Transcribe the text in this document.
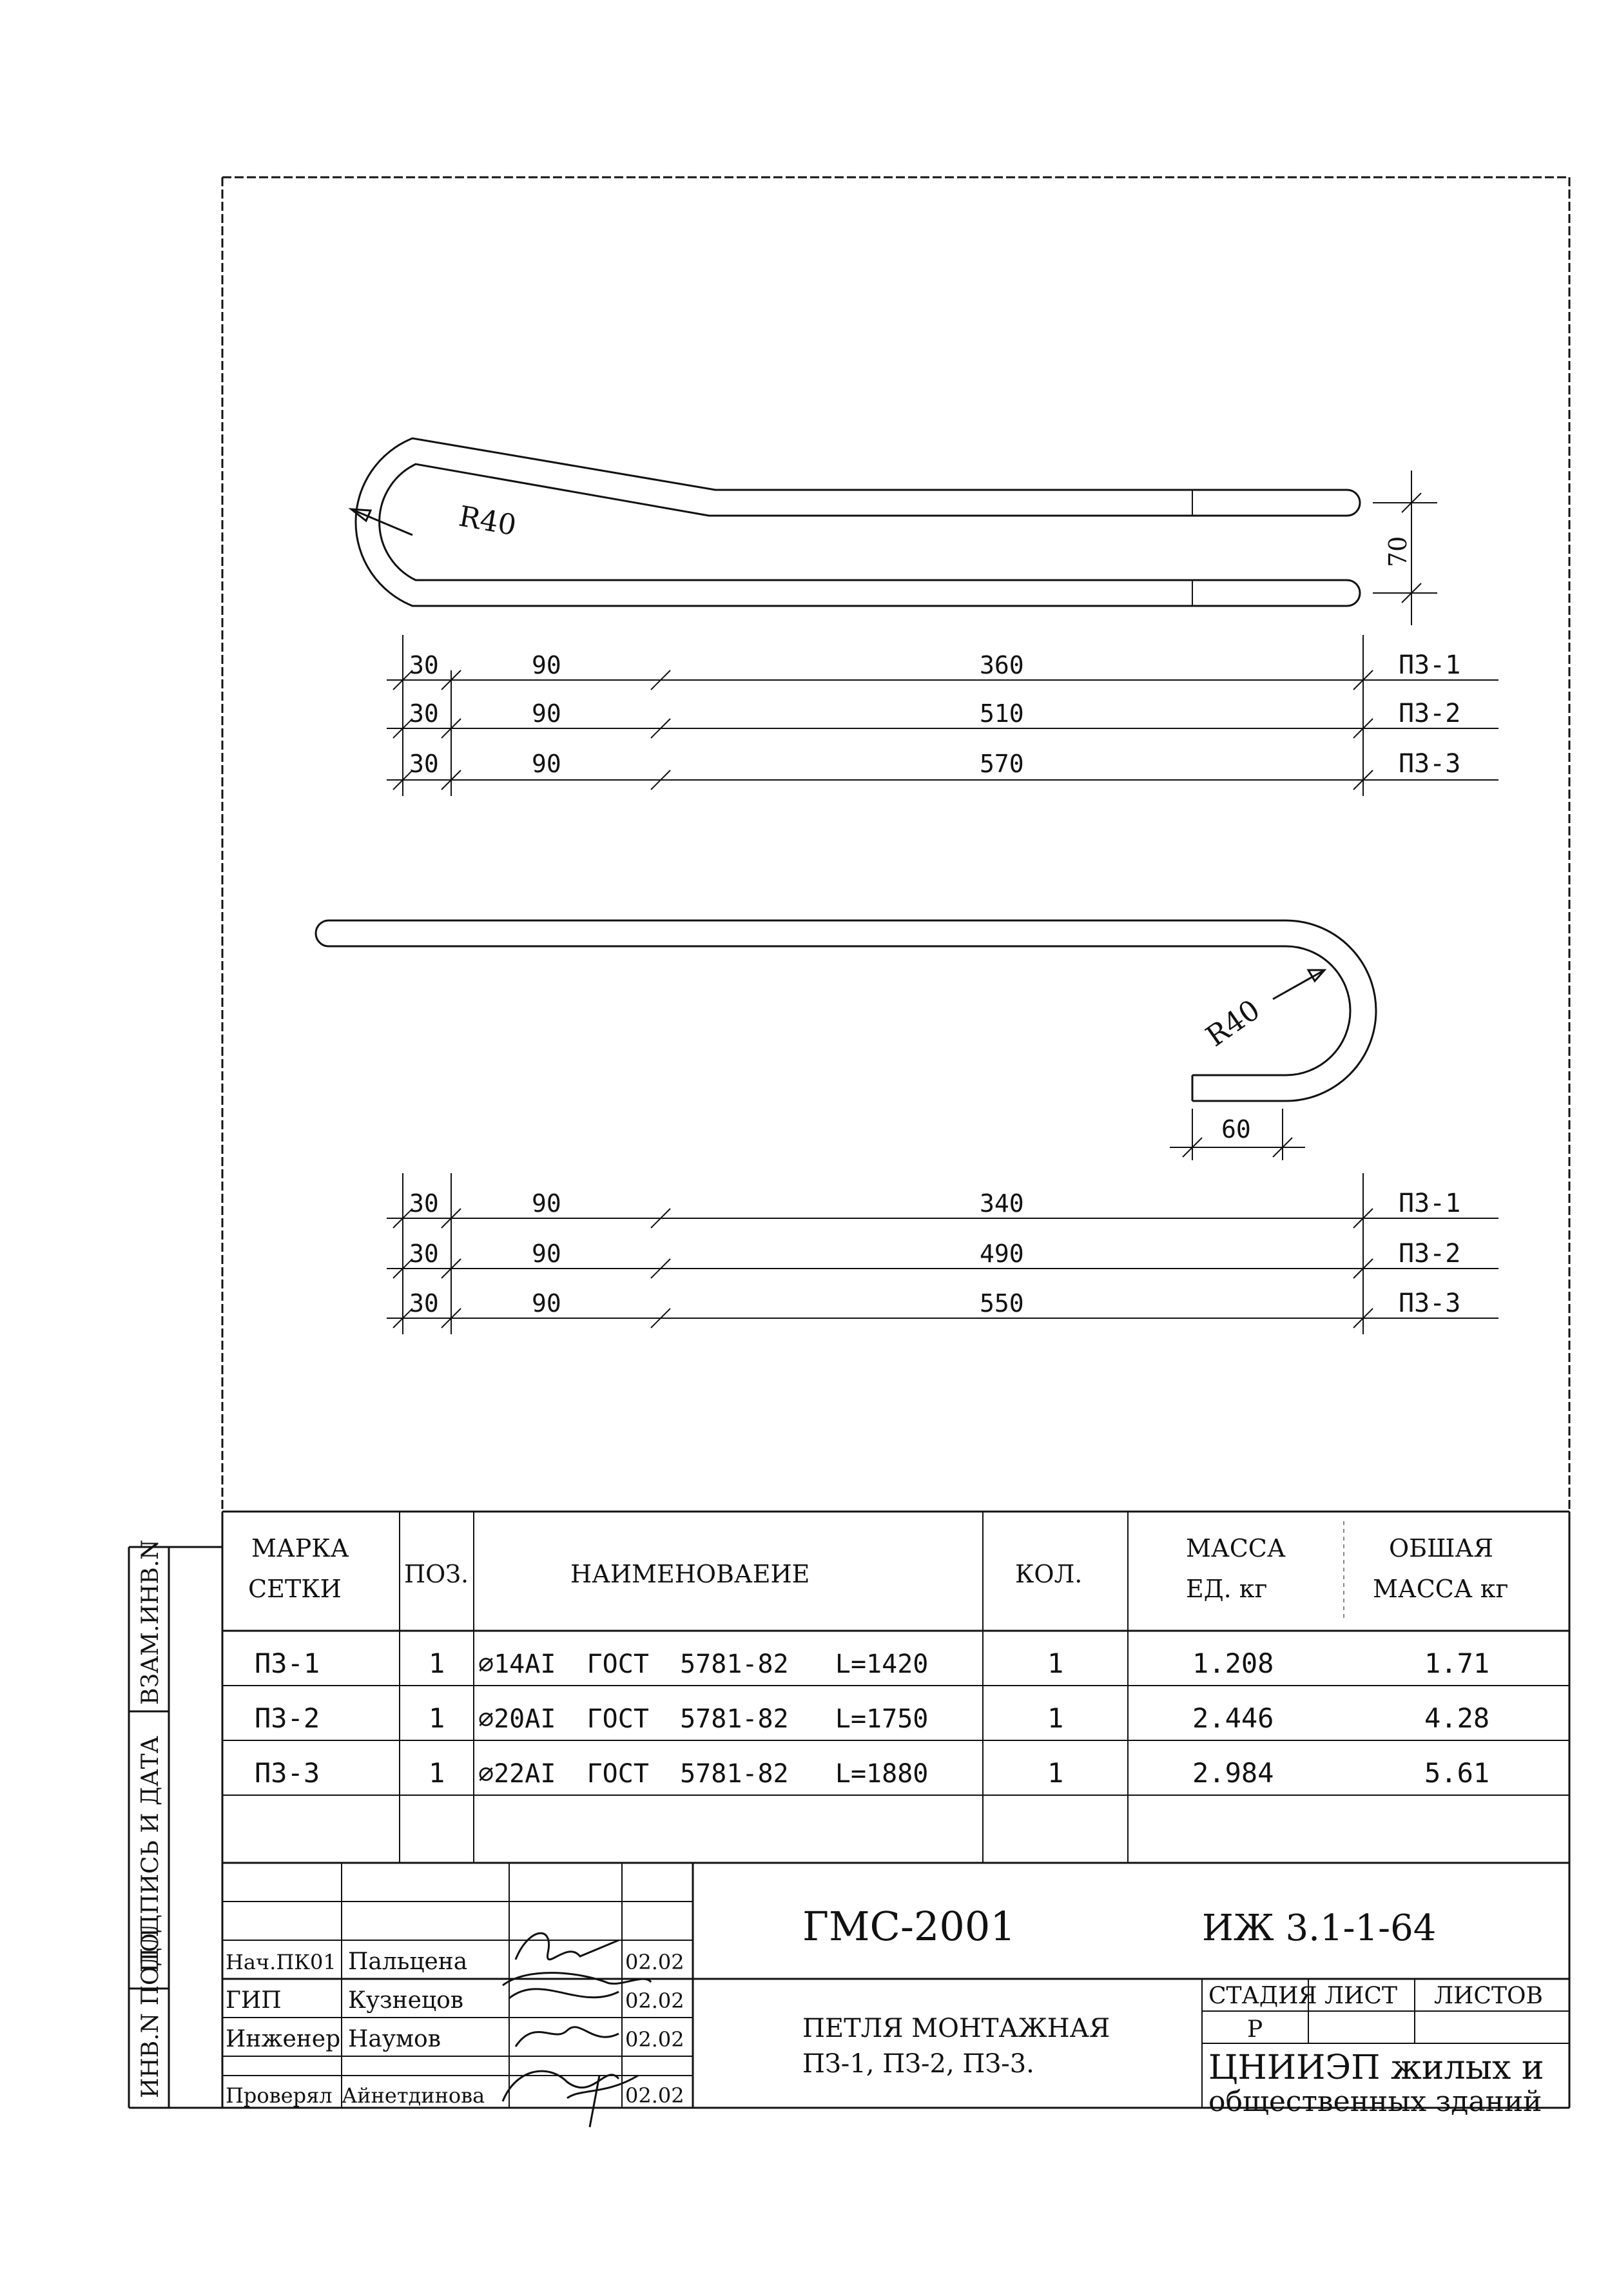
R40
70
30	90	360	ПЗ-1
30	90	510	ПЗ-2
30	90	570	ПЗ-3
R40
60
30	90	340	ПЗ-1
30	90	490	ПЗ-2
30	90	550	ПЗ-3
ИНВ.N ПОДЛ
ПОДПИСЬ И ДАТА
ВЗАМ.ИНВ.N	МАРКА
СЕТКИ
ПОЗ.	НАИМЕНОВАЕИЕ	КОЛ.
МАССА
ЕД. кг
ОБШАЯ
МАССА кг
ПЗ-1	1 ⌀14AI  ГОСТ  5781-82   L=1420	1	1.208	1.71
ПЗ-2	1 ⌀20AI  ГОСТ  5781-82   L=1750	1	2.446	4.28
ПЗ-3	1 ⌀22AI  ГОСТ  5781-82   L=1880	1	2.984	5.61
ГМС-2001	ИЖ 3.1-1-64
ПЕТЛЯ МОНТАЖНАЯ
ПЗ-1, ПЗ-2, ПЗ-3.
СТАДИЯ ЛИСТ ЛИСТОВ
Р
ЦНИИЭП жилых и
общественных зданий
Нач.ПК01 Пальцена	02.02
ГИП	Кузнецов	02.02
Инженер Наумов	02.02
Проверял Айнетдинова	02.02
